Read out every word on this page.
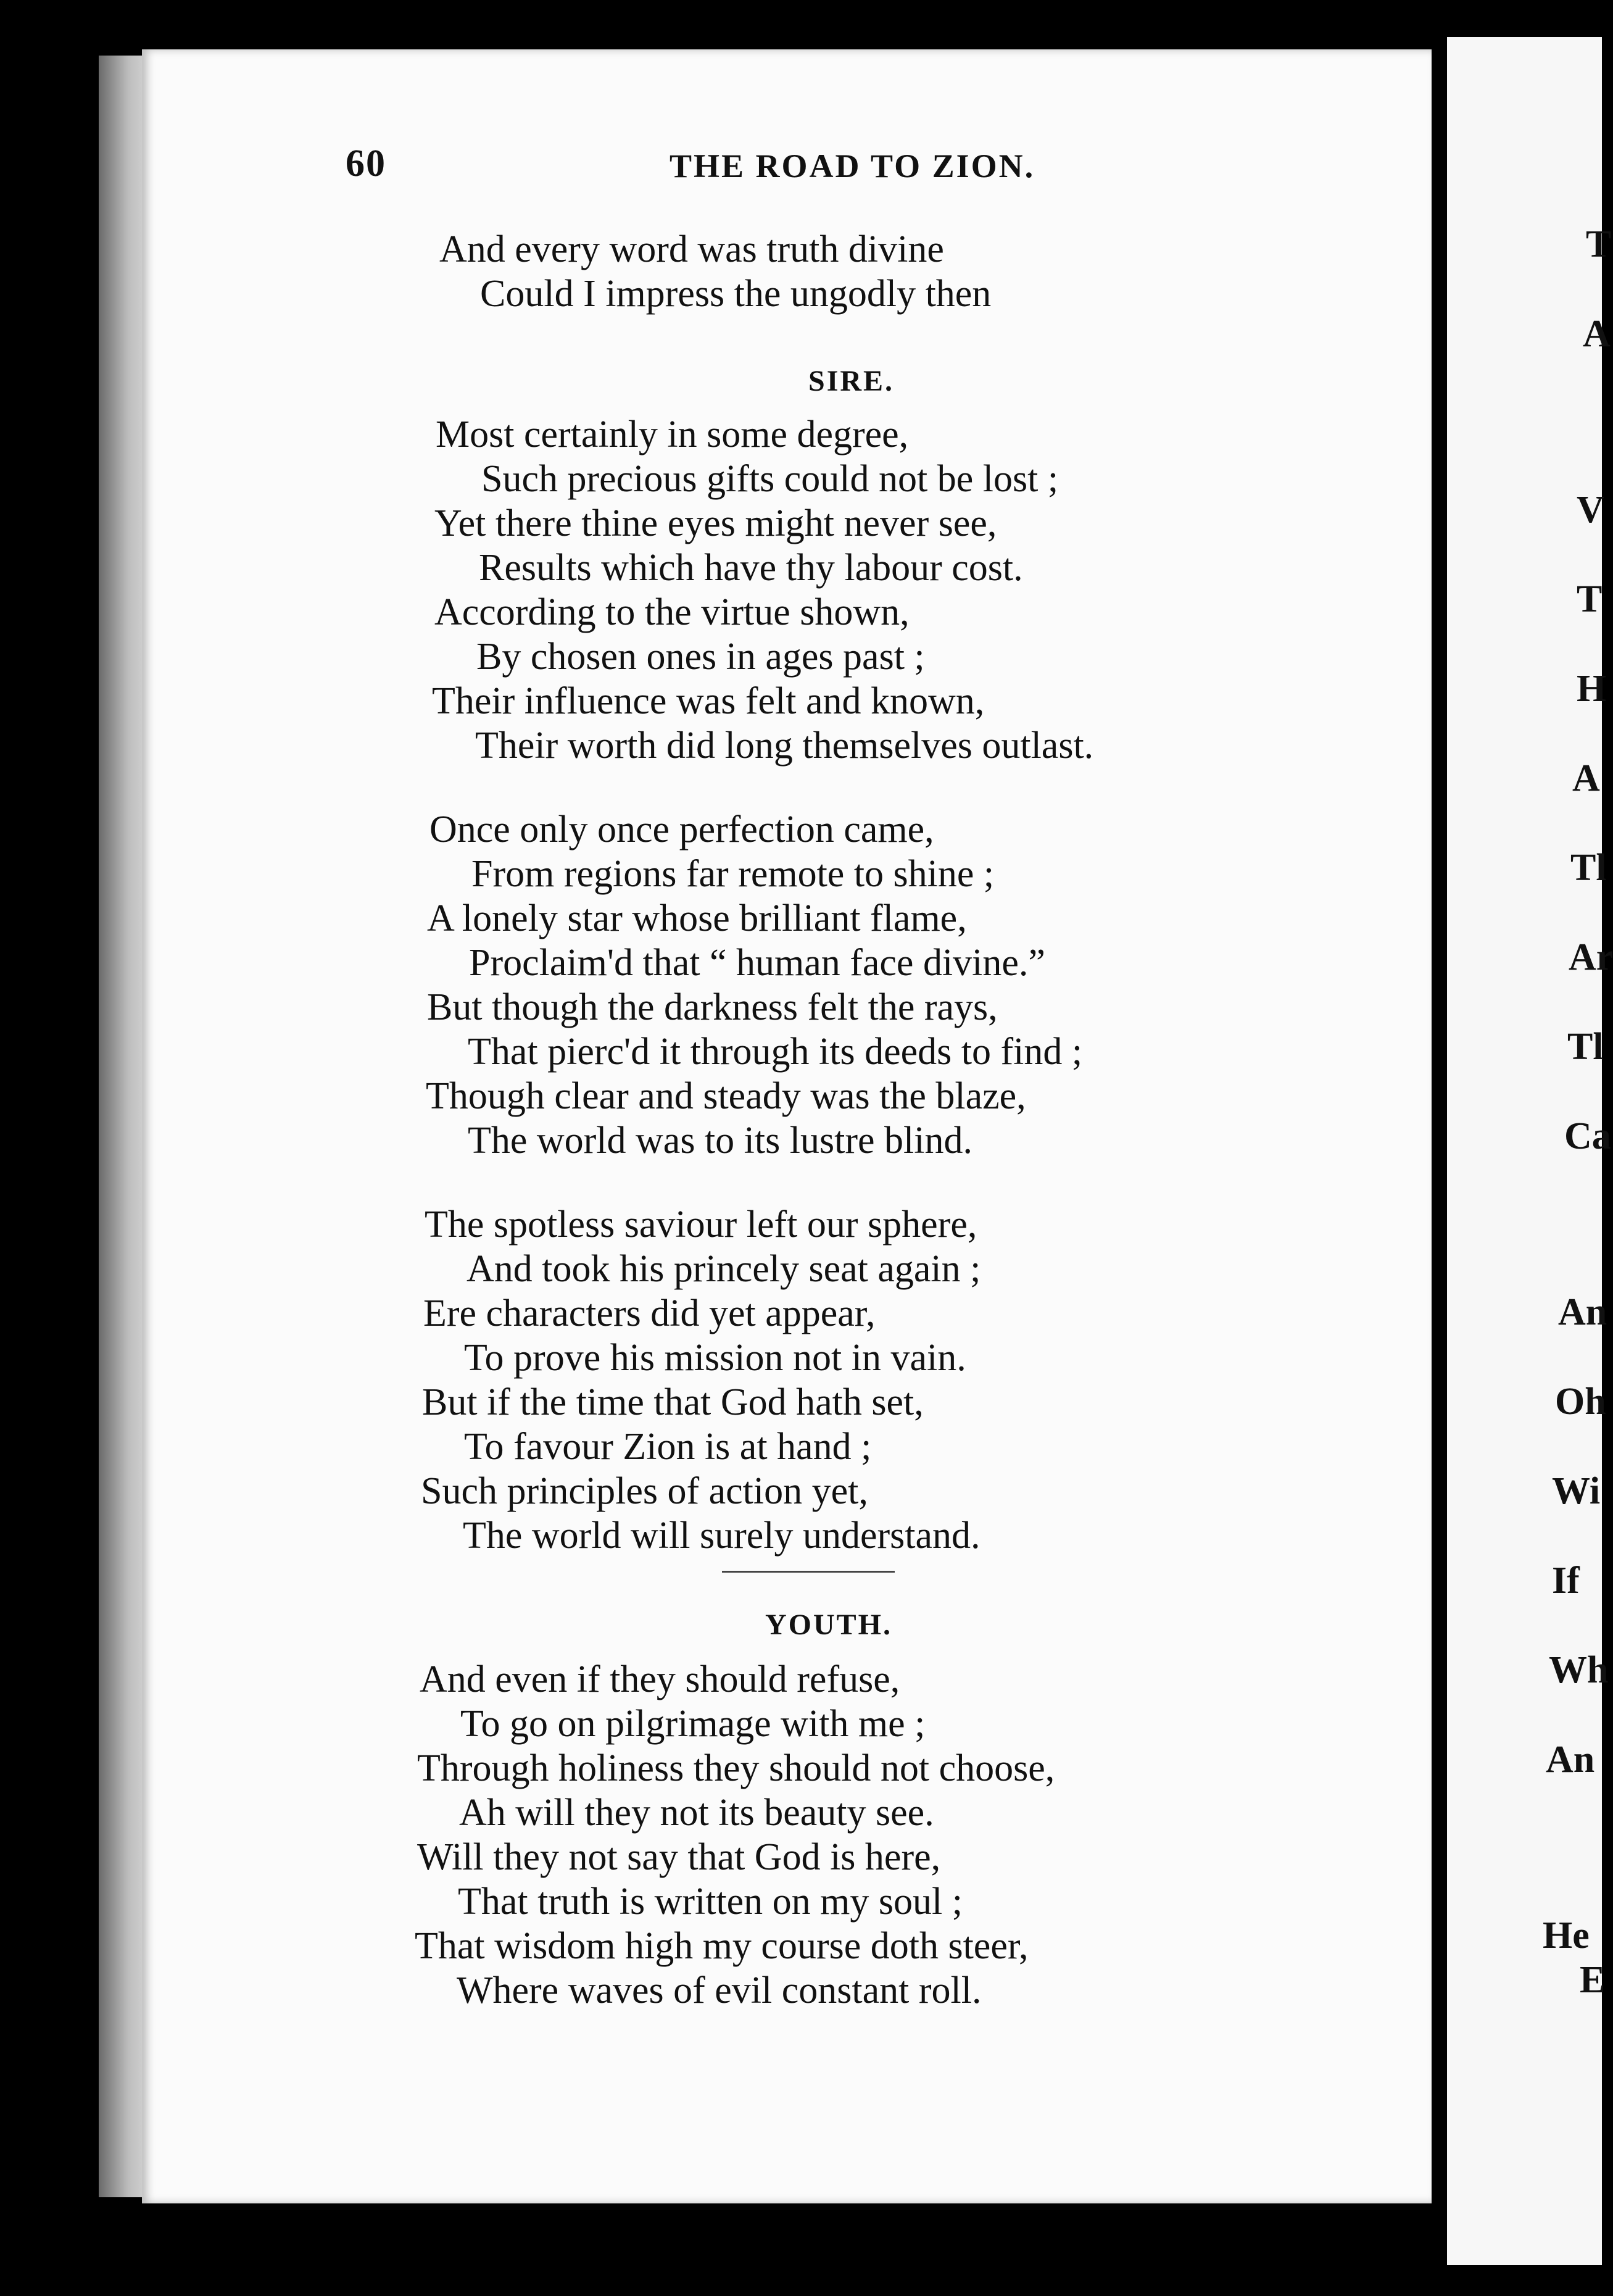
60	THE ROAD TO ZION.
And every word was truth divine
Could I impress the ungodly then
SIRE.
Most certainly in some degree,
Such precious gifts could not be lost ;
Yet there thine eyes might never see,
Results which have thy labour cost.
According to the virtue shown,
By chosen ones in ages past ;
Their influence was felt and known,
Their worth did long themselves outlast.
Once only once perfection came,
From regions far remote to shine ;
A lonely star whose brilliant flame,
Proclaim'd that “ human face divine.”
But though the darkness felt the rays,
That pierc'd it through its deeds to find ;
Though clear and steady was the blaze,
The world was to its lustre blind.
The spotless saviour left our sphere,
And took his princely seat again ;
Ere characters did yet appear,
To prove his mission not in vain.
But if the time that God hath set,
To favour Zion is at hand ;
Such principles of action yet,
The world will surely understand.
YOUTH.
And even if they should refuse,
To go on pilgrimage with me ;
Through holiness they should not choose,
Ah will they not its beauty see.
Will they not say that God is here,
That truth is written on my soul ;
That wisdom high my course doth steer,
Where waves of evil constant roll.
T
A
V
T
H
A
Tl
Ar
Tl
Ca
An
Oh
Wi
If
Wh
An
He
E
